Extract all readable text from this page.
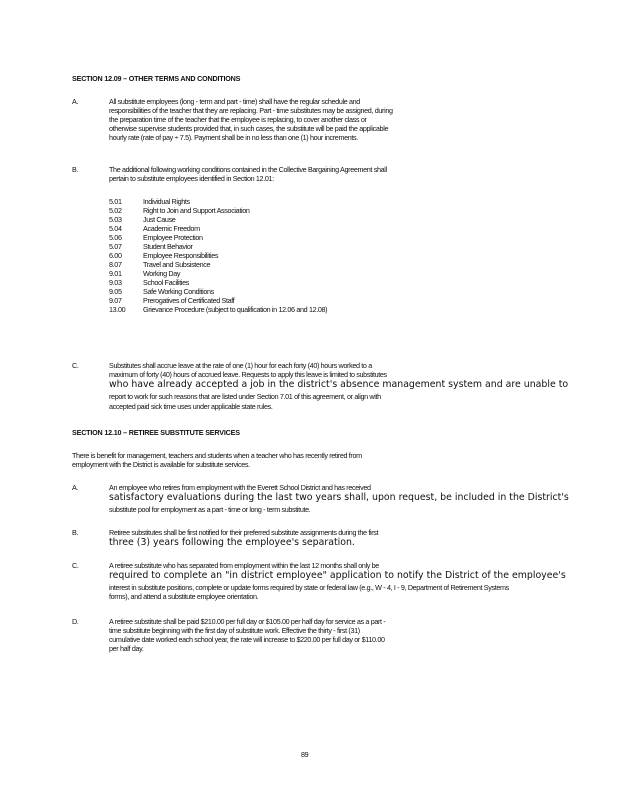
SECTION 12.09 – OTHER TERMS AND CONDITIONS
A.	All substitute employees (long - term and part - time) shall have the regular schedule and
responsibilities of the teacher that they are replacing. Part - time substitutes may be assigned, during
the preparation time of the teacher that the employee is replacing, to cover another class or
otherwise supervise students provided that, in such cases, the substitute will be paid the applicable
hourly rate (rate of pay ÷ 7.5). Payment shall be in no less than one (1) hour increments.
B.	The additional following working conditions contained in the Collective Bargaining Agreement shall
pertain to substitute employees identified in Section 12.01:
5.01	Individual Rights
5.02	Right to Join and Support Association
5.03	Just Cause
5.04	Academic Freedom
5.06	Employee Protection
5.07	Student Behavior
6.00	Employee Responsibilities
8.07	Travel and Subsistence
9.01	Working Day
9.03	School Facilities
9.05	Safe Working Conditions
9.07	Prerogatives of Certificated Staff
13.00 Grievance Procedure (subject to qualification in 12.06 and 12.08)
C.	Substitutes shall accrue leave at the rate of one (1) hour for each forty (40) hours worked to a
maximum of forty (40) hours of accrued leave. Requests to apply this leave is limited to substitutes
who have already accepted a job in the district's absence management system and are unable to
report to work for such reasons that are listed under Section 7.01 of this agreement, or align with
accepted paid sick time uses under applicable state rules.
SECTION 12.10 – RETIREE SUBSTITUTE SERVICES
There is benefit for management, teachers and students when a teacher who has recently retired from
employment with the District is available for substitute services.
A.	An employee who retires from employment with the Everett School District and has received
satisfactory evaluations during the last two years shall, upon request, be included in the District's
substitute pool for employment as a part - time or long - term substitute.
B.	Retiree substitutes shall be first notified for their preferred substitute assignments during the first
three (3) years following the employee's separation.
C.	A retiree substitute who has separated from employment within the last 12 months shall only be
required to complete an "in district employee" application to notify the District of the employee's
interest in substitute positions, complete or update forms required by state or federal law (e.g., W - 4, I - 9, Department of Retirement Systems forms), and attend a substitute employee orientation.
D.	A retiree substitute shall be paid $210.00 per full day or $105.00 per half day for service as a part -
time substitute beginning with the first day of substitute work. Effective the thirty - first (31)
cumulative date worked each school year, the rate will increase to $220.00 per full day or $110.00
per half day.
89
